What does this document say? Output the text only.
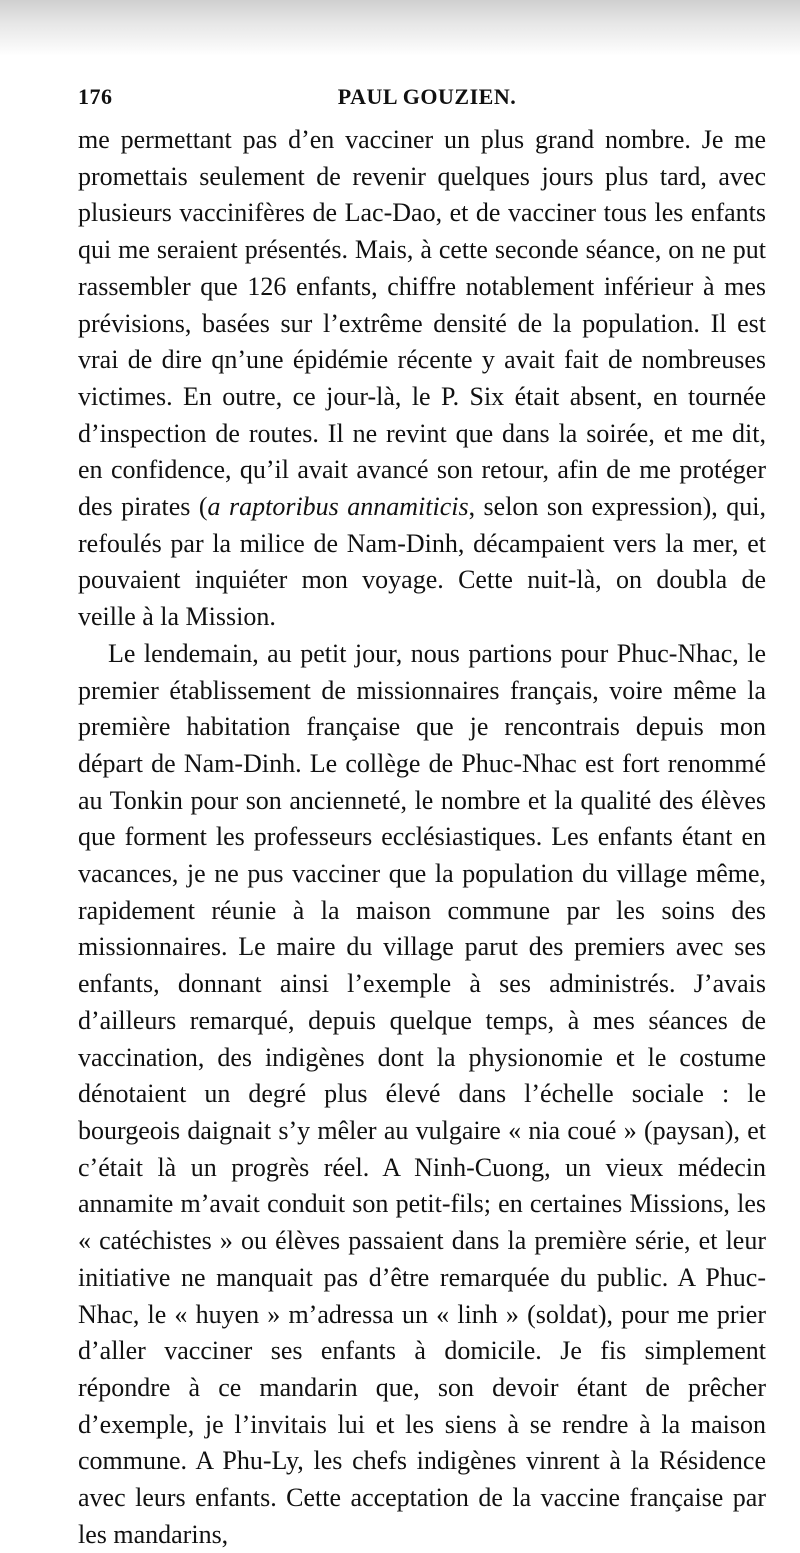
176	PAUL GOUZIEN.

me permettant pas d’en vacciner un plus grand nombre. Je me promettais seulement de revenir quelques jours plus tard, avec plusieurs vaccinifères de Lac-Dao, et de vacciner tous les enfants qui me seraient présentés. Mais, à cette seconde séance, on ne put rassembler que 126 enfants, chiffre notablement inférieur à mes prévisions, basées sur l’extrême densité de la population. Il est vrai de dire qn’une épidémie récente y avait fait de nombreuses victimes. En outre, ce jour-là, le P. Six était absent, en tournée d’inspection de routes. Il ne revint que dans la soirée, et me dit, en confidence, qu’il avait avancé son retour, afin de me protéger des pirates (a raptoribus annamiticis, selon son expression), qui, refoulés par la milice de Nam-Dinh, décampaient vers la mer, et pouvaient inquiéter mon voyage. Cette nuit-là, on doubla de veille à la Mission.

Le lendemain, au petit jour, nous partions pour Phuc-Nhac, le premier établissement de missionnaires français, voire même la première habitation française que je rencontrais depuis mon départ de Nam-Dinh. Le collège de Phuc-Nhac est fort renommé au Tonkin pour son ancienneté, le nombre et la qualité des élèves que forment les professeurs ecclésiastiques. Les enfants étant en vacances, je ne pus vacciner que la population du village même, rapidement réunie à la maison commune par les soins des missionnaires. Le maire du village parut des premiers avec ses enfants, donnant ainsi l’exemple à ses administrés. J’avais d’ailleurs remarqué, depuis quelque temps, à mes séances de vaccination, des indigènes dont la physionomie et le costume dénotaient un degré plus élevé dans l’échelle sociale : le bourgeois daignait s’y mêler au vulgaire « nia coué » (paysan), et c’était là un progrès réel. A Ninh-Cuong, un vieux médecin annamite m’avait conduit son petit-fils; en certaines Missions, les « catéchistes » ou élèves passaient dans la première série, et leur initiative ne manquait pas d’être remarquée du public. A Phuc-Nhac, le « huyen » m’adressa un « linh » (soldat), pour me prier d’aller vacciner ses enfants à domicile. Je fis simplement répondre à ce mandarin que, son devoir étant de prêcher d’exemple, je l’invitais lui et les siens à se rendre à la maison commune. A Phu-Ly, les chefs indigènes vinrent à la Résidence avec leurs enfants. Cette acceptation de la vaccine française par les mandarins,
